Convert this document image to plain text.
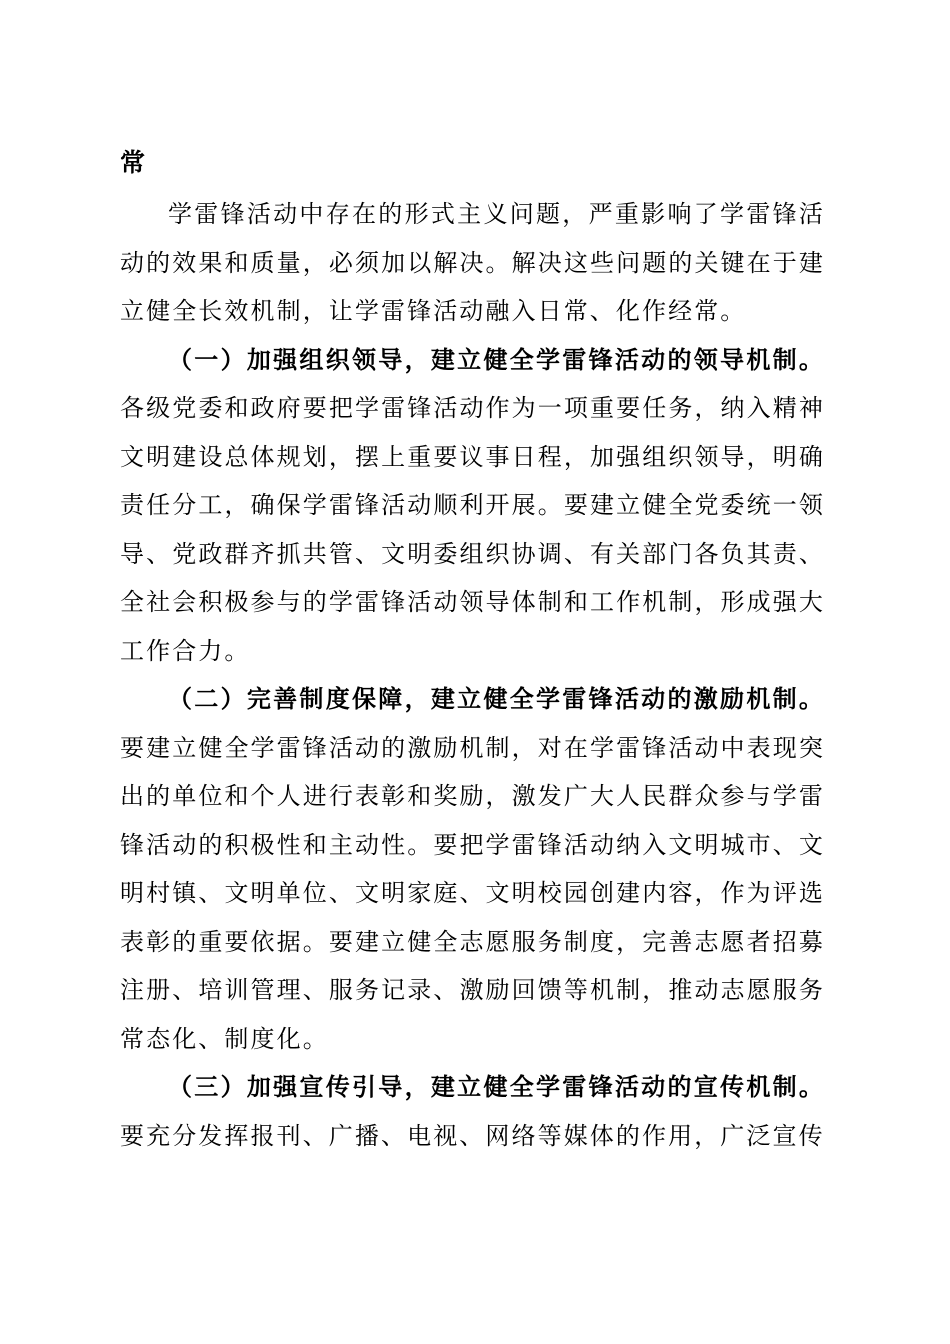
常

学雷锋活动中存在的形式主义问题，严重影响了学雷锋活动的效果和质量，必须加以解决。解决这些问题的关键在于建立健全长效机制，让学雷锋活动融入日常、化作经常。

（一）加强组织领导，建立健全学雷锋活动的领导机制。各级党委和政府要把学雷锋活动作为一项重要任务，纳入精神文明建设总体规划，摆上重要议事日程，加强组织领导，明确责任分工，确保学雷锋活动顺利开展。要建立健全党委统一领导、党政群齐抓共管、文明委组织协调、有关部门各负其责、全社会积极参与的学雷锋活动领导体制和工作机制，形成强大工作合力。

（二）完善制度保障，建立健全学雷锋活动的激励机制。要建立健全学雷锋活动的激励机制，对在学雷锋活动中表现突出的单位和个人进行表彰和奖励，激发广大人民群众参与学雷锋活动的积极性和主动性。要把学雷锋活动纳入文明城市、文明村镇、文明单位、文明家庭、文明校园创建内容，作为评选表彰的重要依据。要建立健全志愿服务制度，完善志愿者招募注册、培训管理、服务记录、激励回馈等机制，推动志愿服务常态化、制度化。

（三）加强宣传引导，建立健全学雷锋活动的宣传机制。要充分发挥报刊、广播、电视、网络等媒体的作用，广泛宣传
